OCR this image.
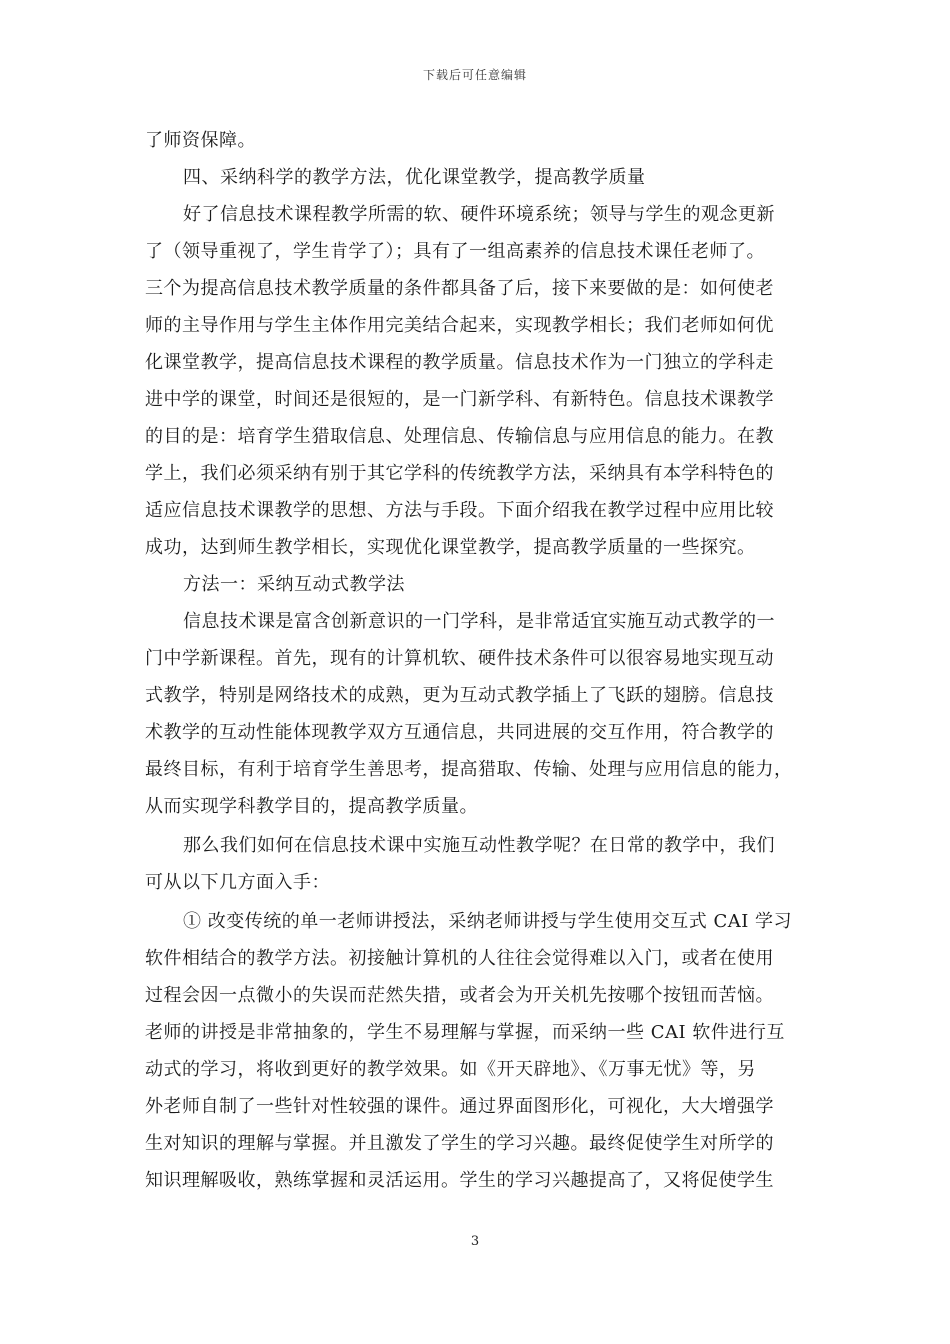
下载后可任意编辑
了师资保障。
四、采纳科学的教学方法，优化课堂教学，提高教学质量
好了信息技术课程教学所需的软、硬件环境系统；领导与学生的观念更新
了（领导重视了，学生肯学了）；具有了一组高素养的信息技术课任老师了。
三个为提高信息技术教学质量的条件都具备了后，接下来要做的是：如何使老
师的主导作用与学生主体作用完美结合起来，实现教学相长；我们老师如何优
化课堂教学，提高信息技术课程的教学质量。信息技术作为一门独立的学科走
进中学的课堂，时间还是很短的，是一门新学科、有新特色。信息技术课教学
的目的是：培育学生猎取信息、处理信息、传输信息与应用信息的能力。在教
学上，我们必须采纳有别于其它学科的传统教学方法，采纳具有本学科特色的
适应信息技术课教学的思想、方法与手段。下面介绍我在教学过程中应用比较
成功，达到师生教学相长，实现优化课堂教学，提高教学质量的一些探究。
方法一：采纳互动式教学法
信息技术课是富含创新意识的一门学科，是非常适宜实施互动式教学的一
门中学新课程。首先，现有的计算机软、硬件技术条件可以很容易地实现互动
式教学，特别是网络技术的成熟，更为互动式教学插上了飞跃的翅膀。信息技
术教学的互动性能体现教学双方互通信息，共同进展的交互作用，符合教学的
最终目标，有利于培育学生善思考，提高猎取、传输、处理与应用信息的能力，
从而实现学科教学目的，提高教学质量。
那么我们如何在信息技术课中实施互动性教学呢？在日常的教学中，我们
可从以下几方面入手：
① 改变传统的单一老师讲授法，采纳老师讲授与学生使用交互式 CAI 学习
软件相结合的教学方法。初接触计算机的人往往会觉得难以入门，或者在使用
过程会因一点微小的失误而茫然失措，或者会为开关机先按哪个按钮而苦恼。
老师的讲授是非常抽象的，学生不易理解与掌握，而采纳一些 CAI 软件进行互
动式的学习，将收到更好的教学效果。如《开天辟地》、《万事无忧》等，另
外老师自制了一些针对性较强的课件。通过界面图形化，可视化，大大增强学
生对知识的理解与掌握。并且激发了学生的学习兴趣。最终促使学生对所学的
知识理解吸收，熟练掌握和灵活运用。学生的学习兴趣提高了，又将促使学生
3
